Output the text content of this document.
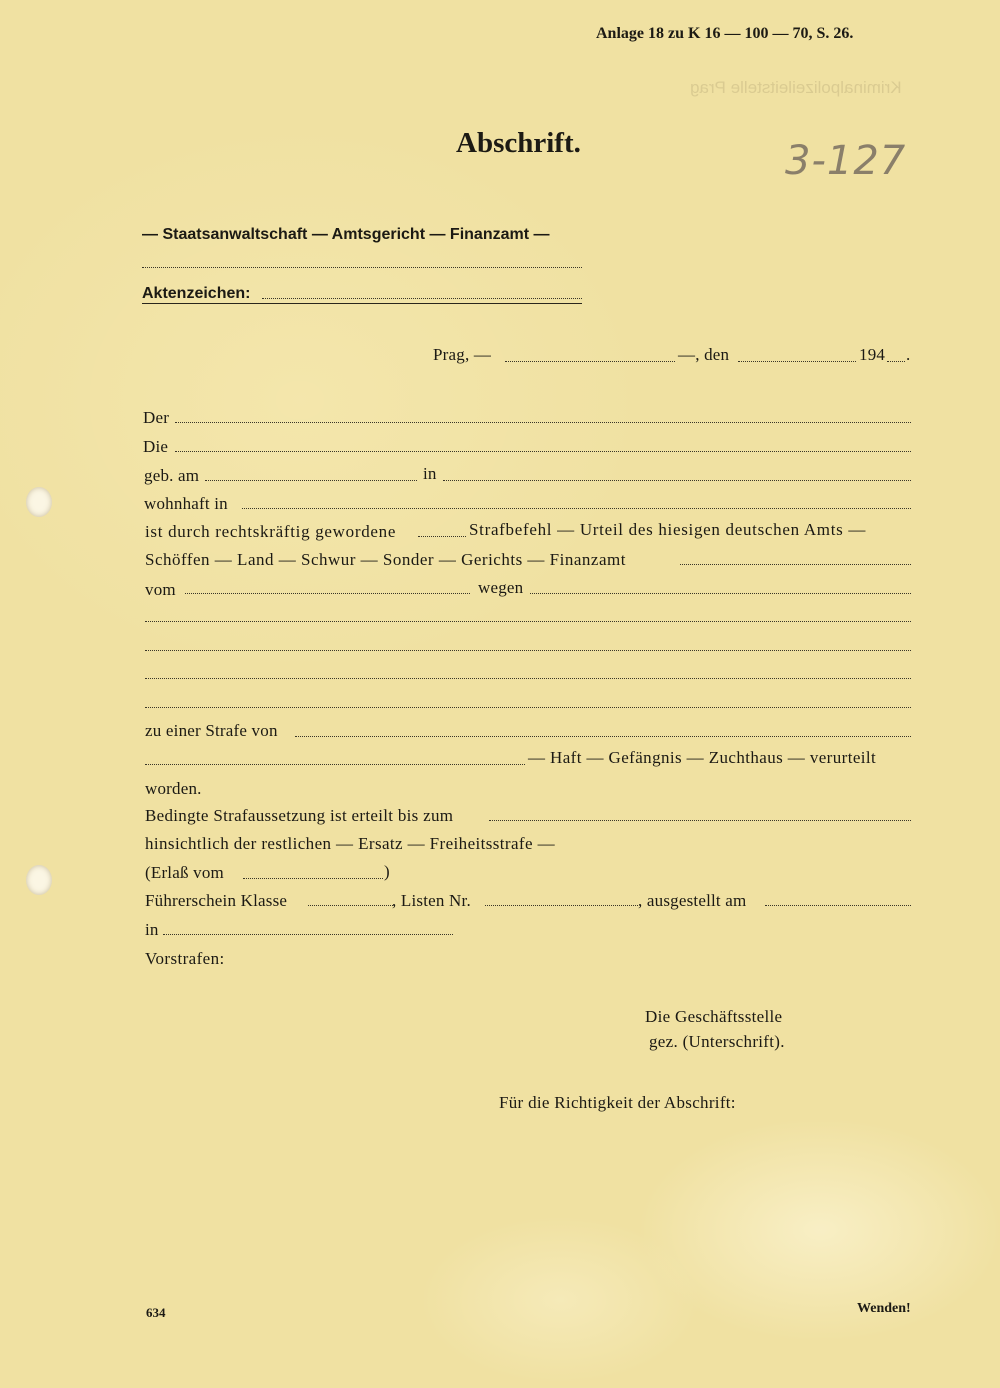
Kriminalpolizeileitstelle Prag
Anlage 18 zu K 16 — 100 — 70, S. 26.
Abschrift.	3-127
— Staatsanwaltschaft — Amtsgericht — Finanzamt —
Aktenzeichen:
Prag, —	—, den	194 .
Der
Die
geb. am	in
wohnhaft in
ist durch rechtskräftig gewordene	Strafbefehl — Urteil des hiesigen deutschen Amts —
Schöffen — Land — Schwur — Sonder — Gerichts — Finanzamt
vom	wegen
zu einer Strafe von
— Haft — Gefängnis — Zuchthaus — verurteilt
worden.
Bedingte Strafaussetzung ist erteilt bis zum
hinsichtlich der restlichen — Ersatz — Freiheitsstrafe —
(Erlaß vom	)
Führerschein Klasse	, Listen Nr.	, ausgestellt am
in
Vorstrafen:
Die Geschäftsstelle
gez. (Unterschrift).
Für die Richtigkeit der Abschrift:
634	Wenden!
